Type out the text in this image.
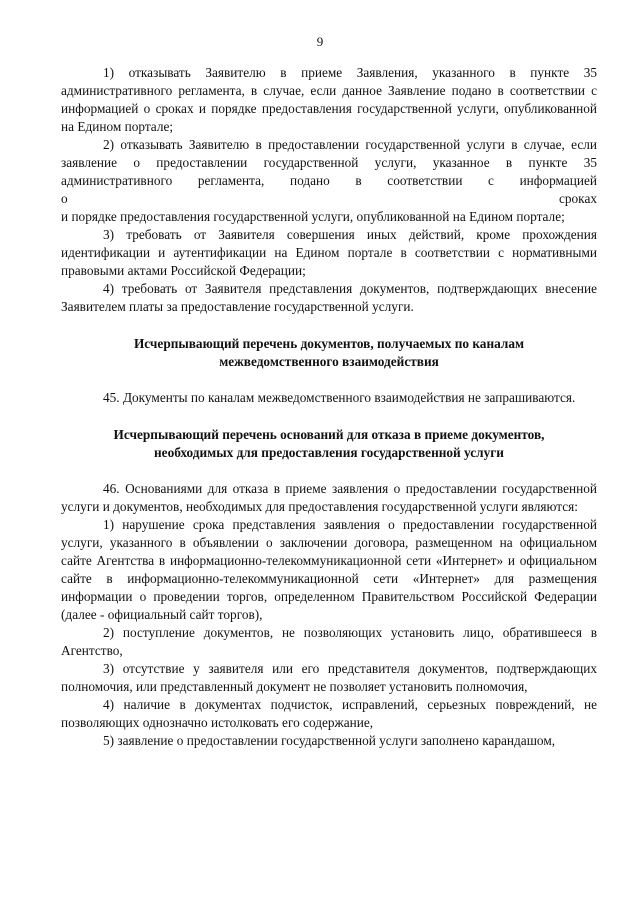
9

1) отказывать Заявителю в приеме Заявления, указанного в пункте 35 административного регламента, в случае, если данное Заявление подано в соответствии с информацией о сроках и порядке предоставления государственной услуги, опубликованной на Едином портале;

2) отказывать Заявителю в предоставлении государственной услуги в случае, если заявление о предоставлении государственной услуги, указанное в пункте 35 административного регламента, подано в соответствии с информацией

о	сроках

и порядке предоставления государственной услуги, опубликованной на Едином портале;

3) требовать от Заявителя совершения иных действий, кроме прохождения идентификации и аутентификации на Едином портале в соответствии с нормативными правовыми актами Российской Федерации;

4) требовать от Заявителя представления документов, подтверждающих внесение Заявителем платы за предоставление государственной услуги.

Исчерпывающий перечень документов, получаемых по каналам

межведомственного взаимодействия

45. Документы по каналам межведомственного взаимодействия не запрашиваются.

Исчерпывающий перечень оснований для отказа в приеме документов,

необходимых для предоставления государственной услуги

46. Основаниями для отказа в приеме заявления о предоставлении государственной услуги и документов, необходимых для предоставления государственной услуги являются:

1) нарушение срока представления заявления о предоставлении государственной услуги, указанного в объявлении о заключении договора, размещенном на официальном сайте Агентства в информационно-телекоммуникационной сети «Интернет» и официальном сайте в информационно-телекоммуникационной сети «Интернет» для размещения информации о проведении торгов, определенном Правительством Российской Федерации (далее - официальный сайт торгов),

2) поступление документов, не позволяющих установить лицо, обратившееся в Агентство,

3) отсутствие у заявителя или его представителя документов, подтверждающих полномочия, или представленный документ не позволяет установить полномочия,

4) наличие в документах подчисток, исправлений, серьезных повреждений, не позволяющих однозначно истолковать его содержание,

5) заявление о предоставлении государственной услуги заполнено карандашом,
